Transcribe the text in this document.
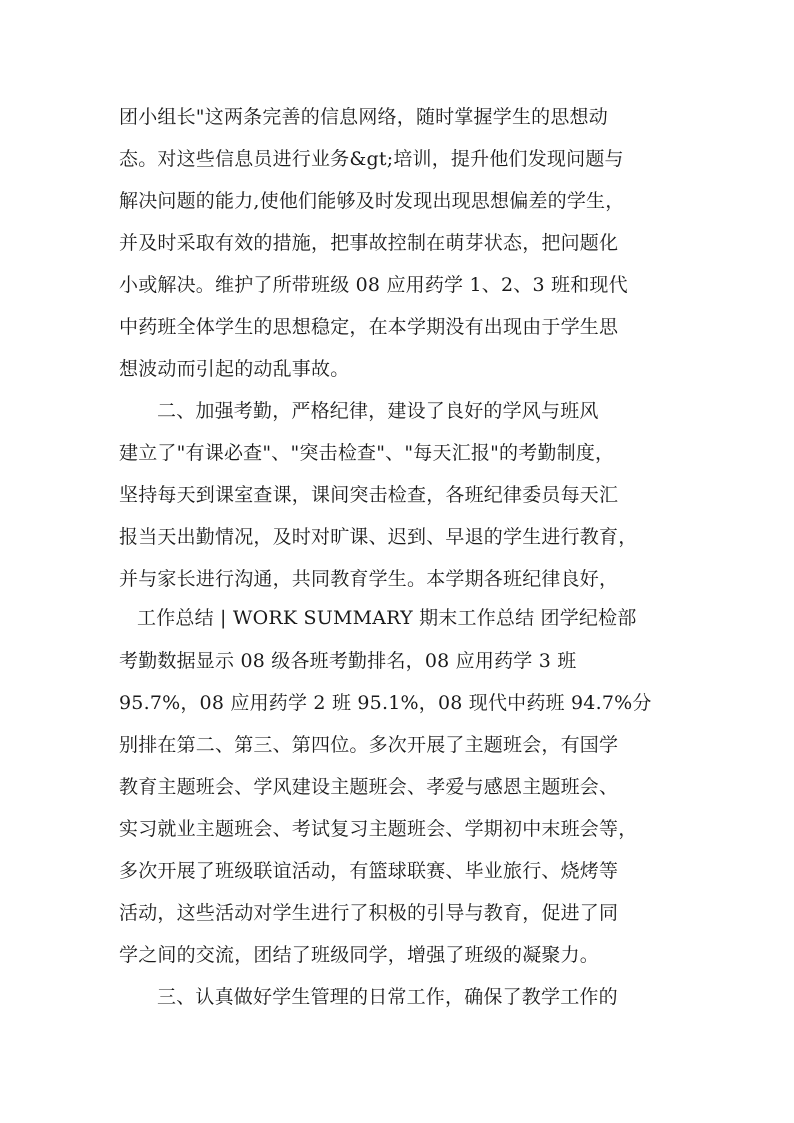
团小组长"这两条完善的信息网络，随时掌握学生的思想动
态。对这些信息员进行业务&gt;培训，提升他们发现问题与
解决问题的能力,使他们能够及时发现出现思想偏差的学生，
并及时采取有效的措施，把事故控制在萌芽状态，把问题化
小或解决。维护了所带班级 08 应用药学 1、2、3 班和现代
中药班全体学生的思想稳定，在本学期没有出现由于学生思
想波动而引起的动乱事故。
二、加强考勤，严格纪律，建设了良好的学风与班风
建立了"有课必查"、"突击检查"、"每天汇报"的考勤制度，
坚持每天到课室查课，课间突击检查，各班纪律委员每天汇
报当天出勤情况，及时对旷课、迟到、早退的学生进行教育，
并与家长进行沟通，共同教育学生。本学期各班纪律良好，
工作总结 | WORK SUMMARY 期末工作总结 团学纪检部
考勤数据显示 08 级各班考勤排名，08 应用药学 3 班
95.7%，08 应用药学 2 班 95.1%，08 现代中药班 94.7%分
别排在第二、第三、第四位。多次开展了主题班会，有国学
教育主题班会、学风建设主题班会、孝爱与感恩主题班会、
实习就业主题班会、考试复习主题班会、学期初中末班会等，
多次开展了班级联谊活动，有篮球联赛、毕业旅行、烧烤等
活动，这些活动对学生进行了积极的引导与教育，促进了同
学之间的交流，团结了班级同学，增强了班级的凝聚力。
三、认真做好学生管理的日常工作，确保了教学工作的
